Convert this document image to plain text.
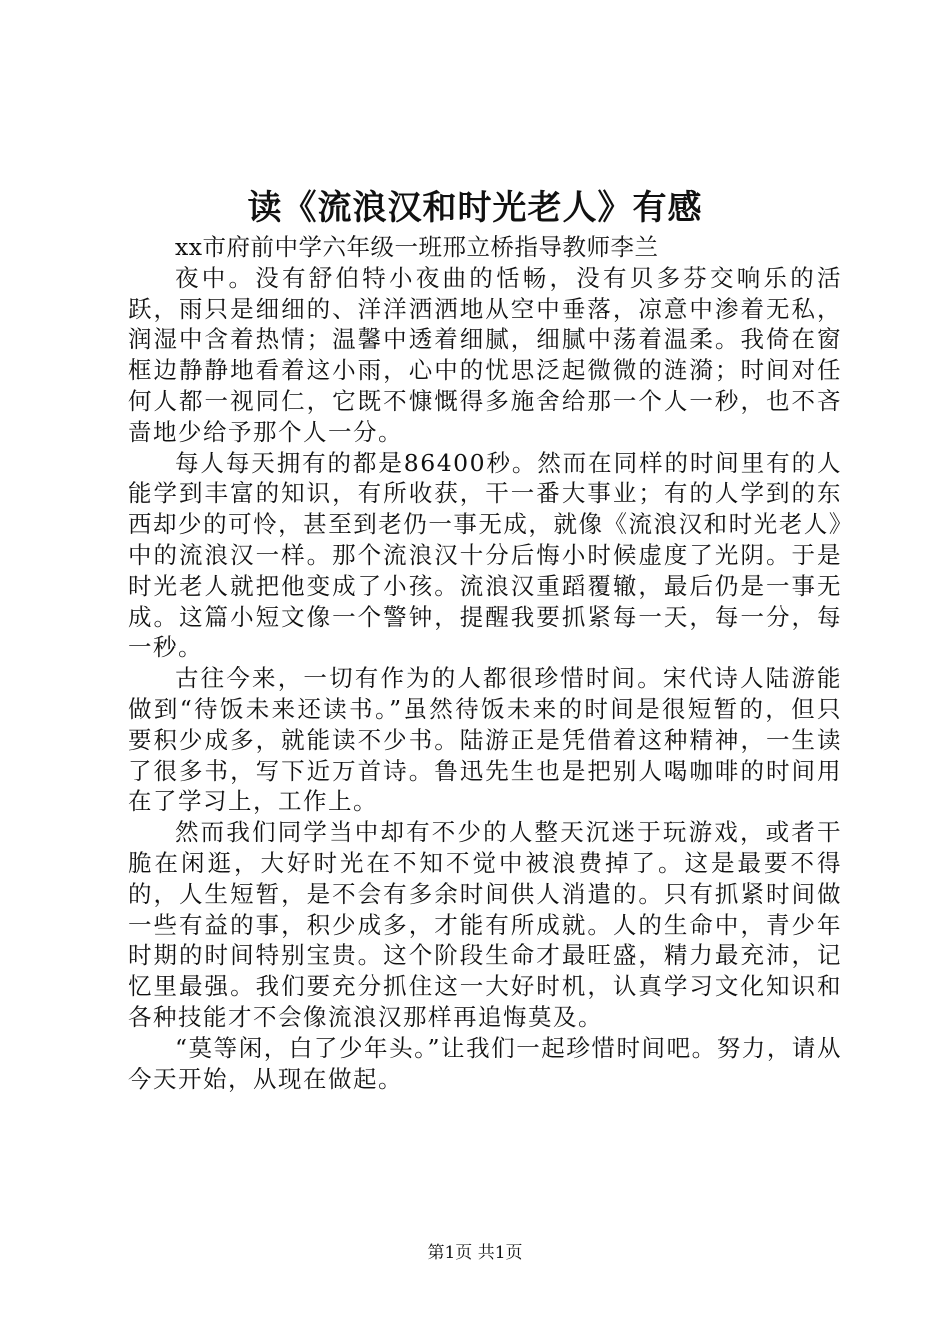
读《流浪汉和时光老人》有感

xx市府前中学六年级一班邢立桥指导教师李兰

夜中。没有舒伯特小夜曲的恬畅，没有贝多芬交响乐的活跃，雨只是细细的、洋洋洒洒地从空中垂落，凉意中渗着无私，润湿中含着热情；温馨中透着细腻，细腻中荡着温柔。我倚在窗框边静静地看着这小雨，心中的忧思泛起微微的涟漪；时间对任何人都一视同仁，它既不慷慨得多施舍给那一个人一秒，也不吝啬地少给予那个人一分。

每人每天拥有的都是86400秒。然而在同样的时间里有的人能学到丰富的知识，有所收获，干一番大事业；有的人学到的东西却少的可怜，甚至到老仍一事无成，就像《流浪汉和时光老人》中的流浪汉一样。那个流浪汉十分后悔小时候虚度了光阴。于是时光老人就把他变成了小孩。流浪汉重蹈覆辙，最后仍是一事无成。这篇小短文像一个警钟，提醒我要抓紧每一天，每一分，每一秒。

古往今来，一切有作为的人都很珍惜时间。宋代诗人陆游能做到“待饭未来还读书。”虽然待饭未来的时间是很短暂的，但只要积少成多，就能读不少书。陆游正是凭借着这种精神，一生读了很多书，写下近万首诗。鲁迅先生也是把别人喝咖啡的时间用在了学习上，工作上。

然而我们同学当中却有不少的人整天沉迷于玩游戏，或者干脆在闲逛，大好时光在不知不觉中被浪费掉了。这是最要不得的，人生短暂，是不会有多余时间供人消遣的。只有抓紧时间做一些有益的事，积少成多，才能有所成就。人的生命中，青少年时期的时间特别宝贵。这个阶段生命才最旺盛，精力最充沛，记忆里最强。我们要充分抓住这一大好时机，认真学习文化知识和各种技能才不会像流浪汉那样再追悔莫及。

“莫等闲，白了少年头。”让我们一起珍惜时间吧。努力，请从今天开始，从现在做起。

第1页 共1页
